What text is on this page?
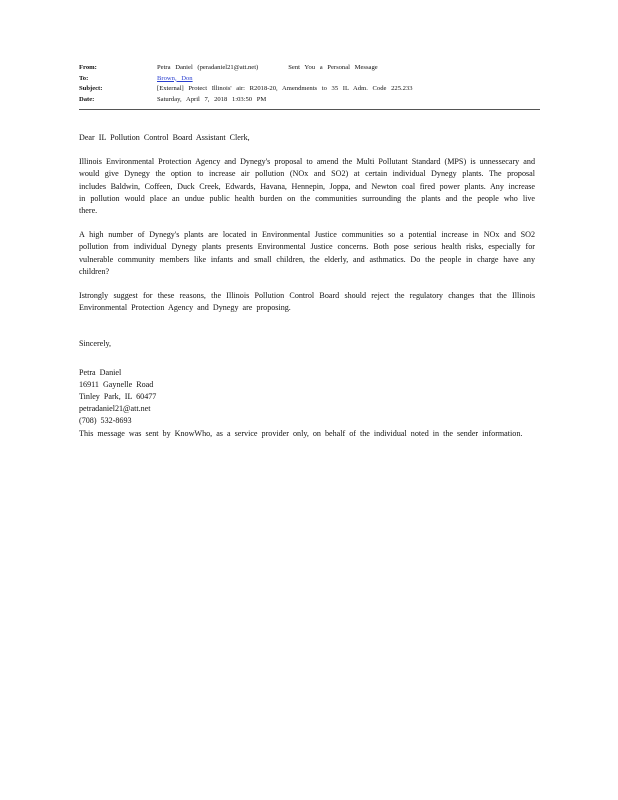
From:	Petra Daniel (peradaniel21@att.net)	Sent You a Personal Message
To:	Brown, Don
Subject:	[External] Protect Illinois' air: R2018-20, Amendments to 35 IL Adm. Code 225.233
Date:	Saturday, April 7, 2018 1:03:50 PM

Dear IL Pollution Control Board Assistant Clerk,

Illinois Environmental Protection Agency and Dynegy's proposal to amend the Multi Pollutant Standard (MPS) is unnessecary and would give Dynegy the option to increase air pollution (NOx and SO2) at certain individual Dynegy plants. The proposal includes Baldwin, Coffeen, Duck Creek, Edwards, Havana, Hennepin, Joppa, and Newton coal fired power plants. Any increase in pollution would place an undue public health burden on the communities surrounding the plants and the people who live there.

A high number of Dynegy's plants are located in Environmental Justice communities so a potential increase in NOx and SO2 pollution from individual Dynegy plants presents Environmental Justice concerns. Both pose serious health risks, especially for vulnerable community members like infants and small children, the elderly, and asthmatics. Do the people in charge have any children?

Istrongly suggest for these reasons, the Illinois Pollution Control Board should reject the regulatory changes that the Illinois Environmental Protection Agency and Dynegy are proposing.

Sincerely,
Petra Daniel
16911 Gaynelle Road
Tinley Park, IL 60477
petradaniel21@att.net
(708) 532-8693

This message was sent by KnowWho, as a service provider only, on behalf of the individual noted in the sender information.
